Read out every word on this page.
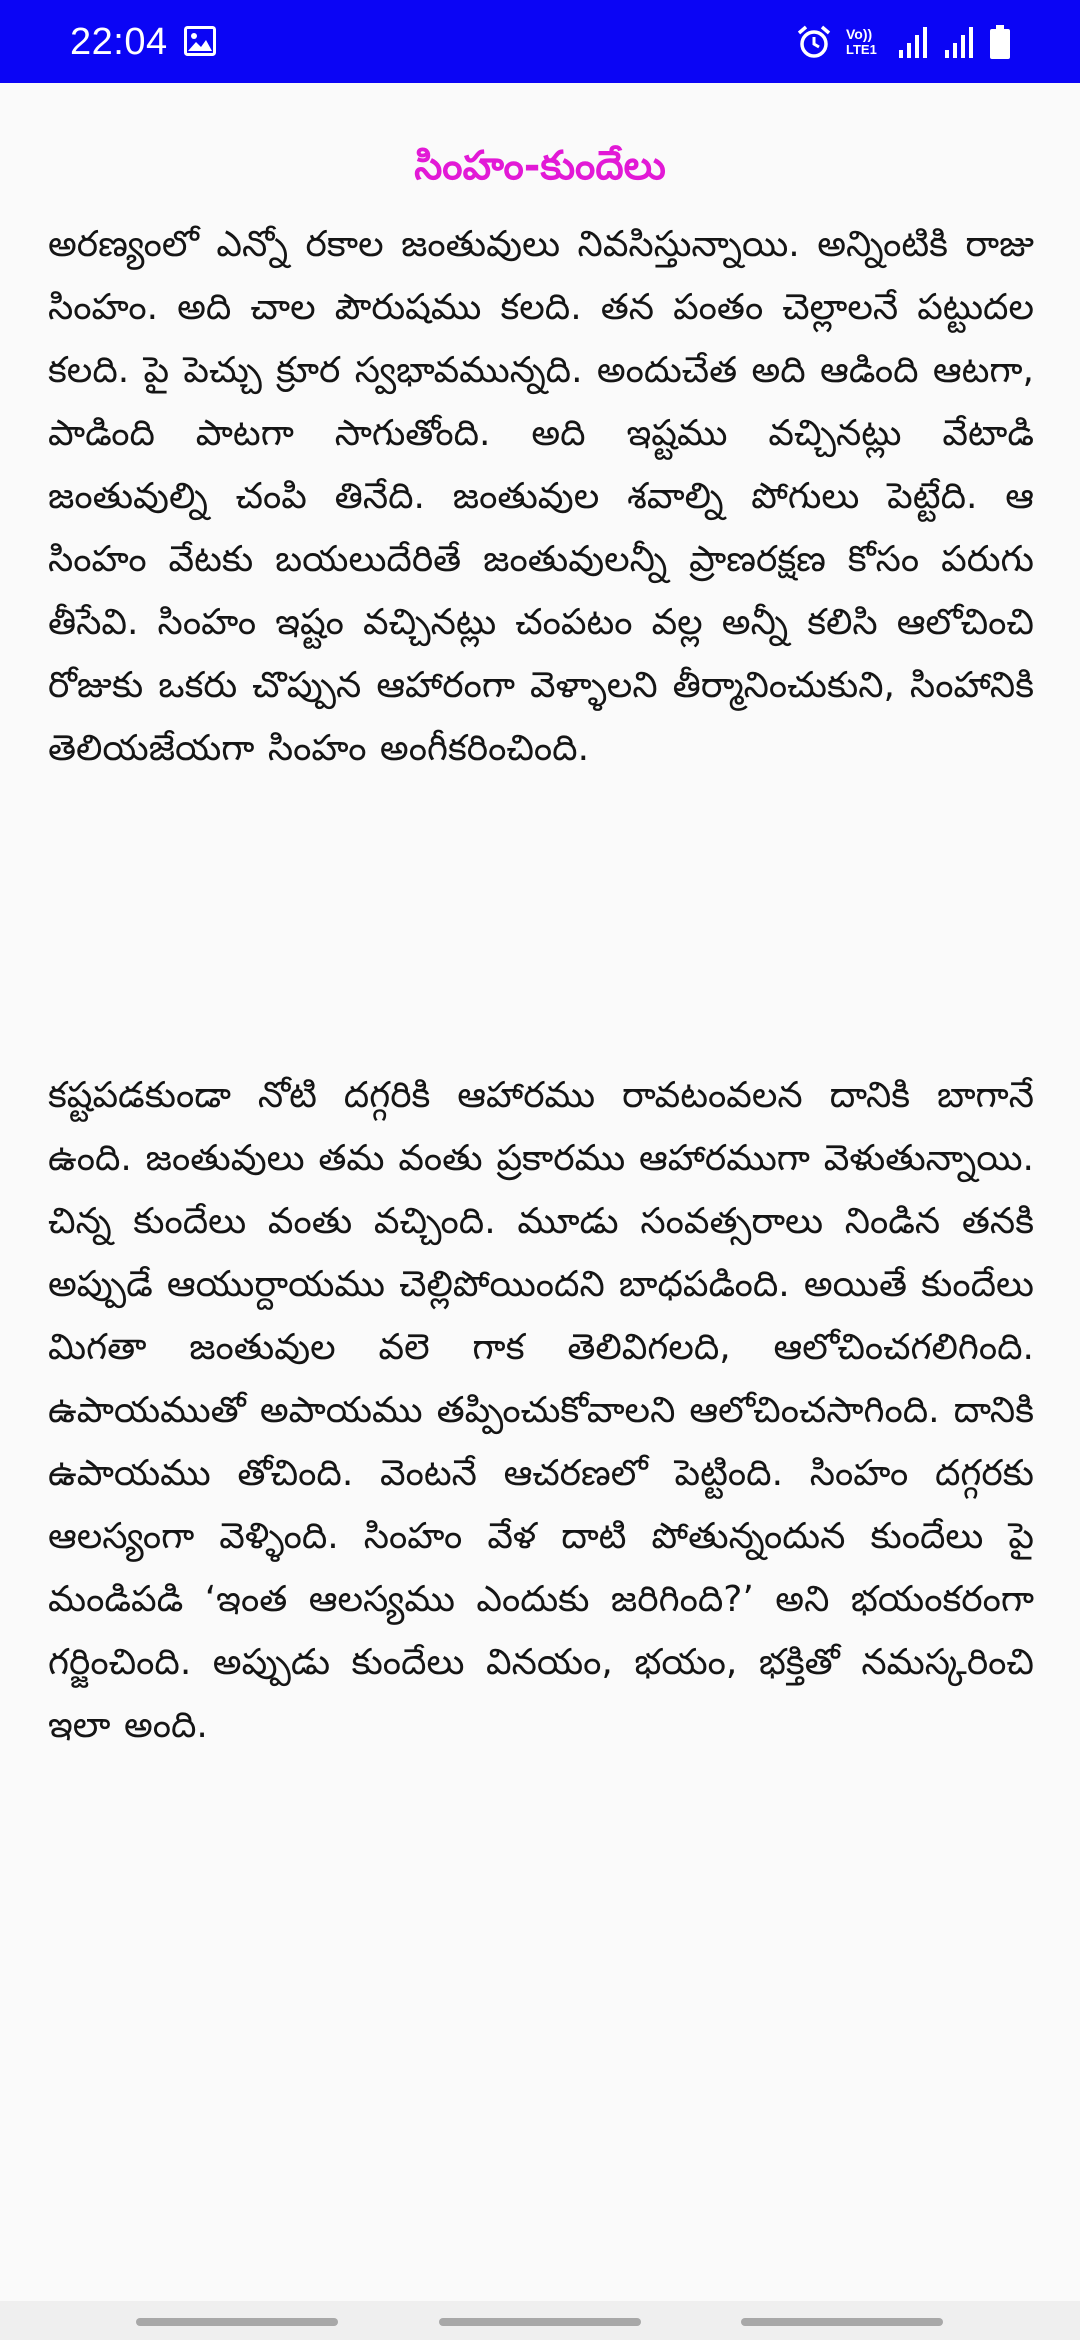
22:04	Vo))
LTE1
సింహం-కుందేలు

అరణ్యంలో ఎన్నో రకాల జంతువులు నివసిస్తున్నాయి. అన్నింటికి రాజు సింహం. అది చాల పౌరుషము కలది. తన పంతం చెల్లాలనే పట్టుదల కలది. పై పెచ్చు క్రూర స్వభావమున్నది. అందుచేత అది ఆడింది ఆటగా, పాడింది పాటగా సాగుతోంది. అది ఇష్టము వచ్చినట్లు వేటాడి జంతువుల్ని చంపి తినేది. జంతువుల శవాల్ని పోగులు పెట్టేది. ఆ సింహం వేటకు బయలుదేరితే జంతువులన్నీ ప్రాణరక్షణ కోసం పరుగు తీసేవి. సింహం ఇష్టం వచ్చినట్లు చంపటం వల్ల అన్నీ కలిసి ఆలోచించి రోజుకు ఒకరు చొప్పున ఆహారంగా వెళ్ళాలని తీర్మానించుకుని, సింహానికి తెలియజేయగా సింహం అంగీకరించింది.

కష్టపడకుండా నోటి దగ్గరికి ఆహారము రావటంవలన దానికి బాగానే ఉంది. జంతువులు తమ వంతు ప్రకారము ఆహారముగా వెళుతున్నాయి. చిన్న కుందేలు వంతు వచ్చింది. మూడు సంవత్సరాలు నిండిన తనకి అప్పుడే ఆయుర్దాయము చెల్లిపోయిందని బాధపడింది. అయితే కుందేలు మిగతా జంతువుల వలె గాక తెలివిగలది, ఆలోచించగలిగింది. ఉపాయముతో అపాయము తప్పించుకోవాలని ఆలోచించసాగింది. దానికి ఉపాయము తోచింది. వెంటనే ఆచరణలో పెట్టింది. సింహం దగ్గరకు ఆలస్యంగా వెళ్ళింది. సింహం వేళ దాటి పోతున్నందున కుందేలు పై మండిపడి ‘ఇంత ఆలస్యము ఎందుకు జరిగింది?’ అని భయంకరంగా గర్జించింది. అప్పుడు కుందేలు వినయం, భయం, భక్తితో నమస్కరించి ఇలా అంది.
